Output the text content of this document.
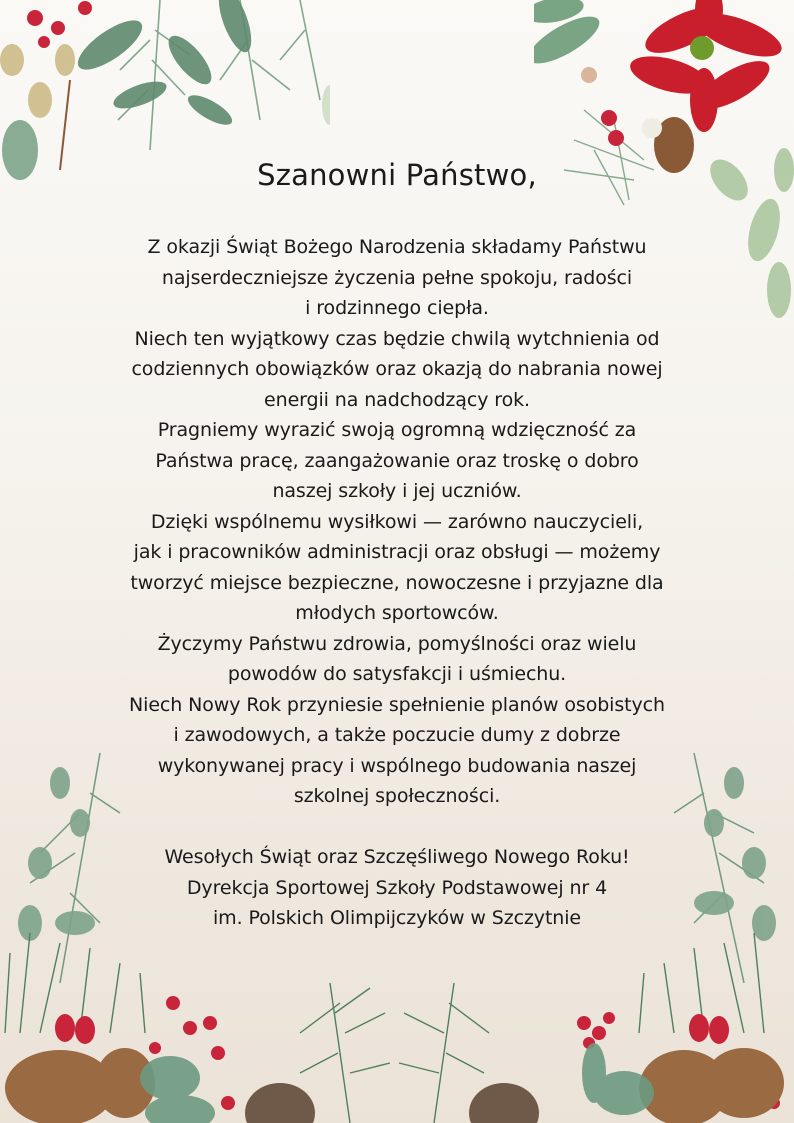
Szanowni Państwo,
Z okazji Świąt Bożego Narodzenia składamy Państwu
najserdeczniejsze życzenia pełne spokoju, radości
i rodzinnego ciepła.
Niech ten wyjątkowy czas będzie chwilą wytchnienia od
codziennych obowiązków oraz okazją do nabrania nowej
energii na nadchodzący rok.
Pragniemy wyrazić swoją ogromną wdzięczność za
Państwa pracę, zaangażowanie oraz troskę o dobro
naszej szkoły i jej uczniów.
Dzięki wspólnemu wysiłkowi — zarówno nauczycieli,
jak i pracowników administracji oraz obsługi — możemy
tworzyć miejsce bezpieczne, nowoczesne i przyjazne dla
młodych sportowców.
Życzymy Państwu zdrowia, pomyślności oraz wielu
powodów do satysfakcji i uśmiechu.
Niech Nowy Rok przyniesie spełnienie planów osobistych
i zawodowych, a także poczucie dumy z dobrze
wykonywanej pracy i wspólnego budowania naszej
szkolnej społeczności.
Wesołych Świąt oraz Szczęśliwego Nowego Roku!
Dyrekcja Sportowej Szkoły Podstawowej nr 4
im. Polskich Olimpijczyków w Szczytnie
